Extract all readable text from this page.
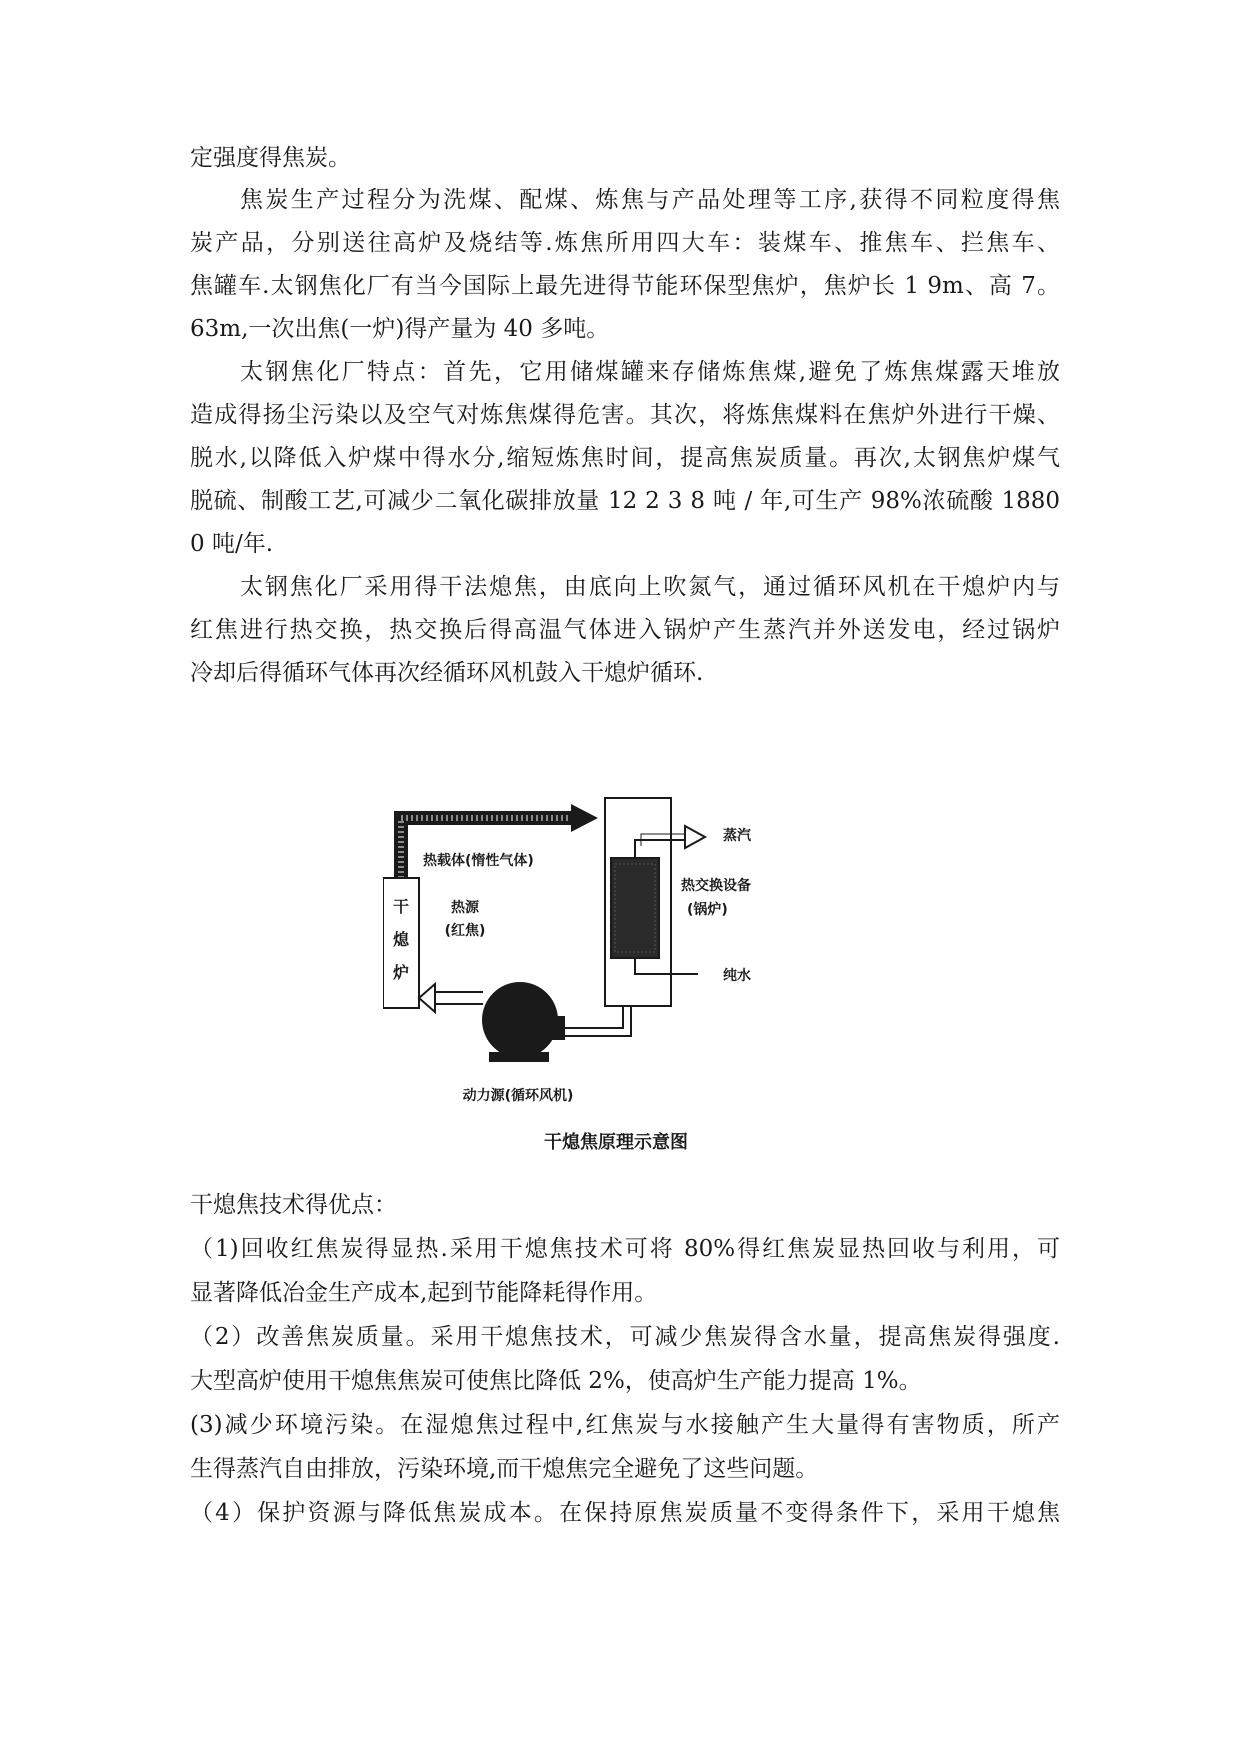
定强度得焦炭。
焦炭生产过程分为洗煤、配煤、炼焦与产品处理等工序,获得不同粒度得焦
炭产品，分别送往高炉及烧结等.炼焦所用四大车：装煤车、推焦车、拦焦车、
焦罐车.太钢焦化厂有当今国际上最先进得节能环保型焦炉，焦炉长 1 9m、高 7。
63m,一次出焦(一炉)得产量为 40 多吨。
太钢焦化厂特点：首先，它用储煤罐来存储炼焦煤,避免了炼焦煤露天堆放
造成得扬尘污染以及空气对炼焦煤得危害。其次，将炼焦煤料在焦炉外进行干燥、
脱水,以降低入炉煤中得水分,缩短炼焦时间，提高焦炭质量。再次,太钢焦炉煤气
脱硫、制酸工艺,可减少二氧化碳排放量 12 2 3 8 吨 / 年,可生产 98%浓硫酸 1880
0 吨/年.
太钢焦化厂采用得干法熄焦，由底向上吹氮气，通过循环风机在干熄炉内与
红焦进行热交换，热交换后得高温气体进入锅炉产生蒸汽并外送发电，经过锅炉
冷却后得循环气体再次经循环风机鼓入干熄炉循环.
干
熄
炉
热载体(惰性气体)
热源
(红焦)
蒸汽
热交换设备
(锅炉)
纯水
动力源(循环风机)
干熄焦原理示意图
干熄焦技术得优点：
（1)回收红焦炭得显热.采用干熄焦技术可将 80%得红焦炭显热回收与利用，可
显著降低冶金生产成本,起到节能降耗得作用。
（2）改善焦炭质量。采用干熄焦技术，可减少焦炭得含水量，提高焦炭得强度.
大型高炉使用干熄焦焦炭可使焦比降低 2%，使高炉生产能力提高 1%。
(3)减少环境污染。在湿熄焦过程中,红焦炭与水接触产生大量得有害物质，所产
生得蒸汽自由排放，污染环境,而干熄焦完全避免了这些问题。
（4）保护资源与降低焦炭成本。在保持原焦炭质量不变得条件下，采用干熄焦
